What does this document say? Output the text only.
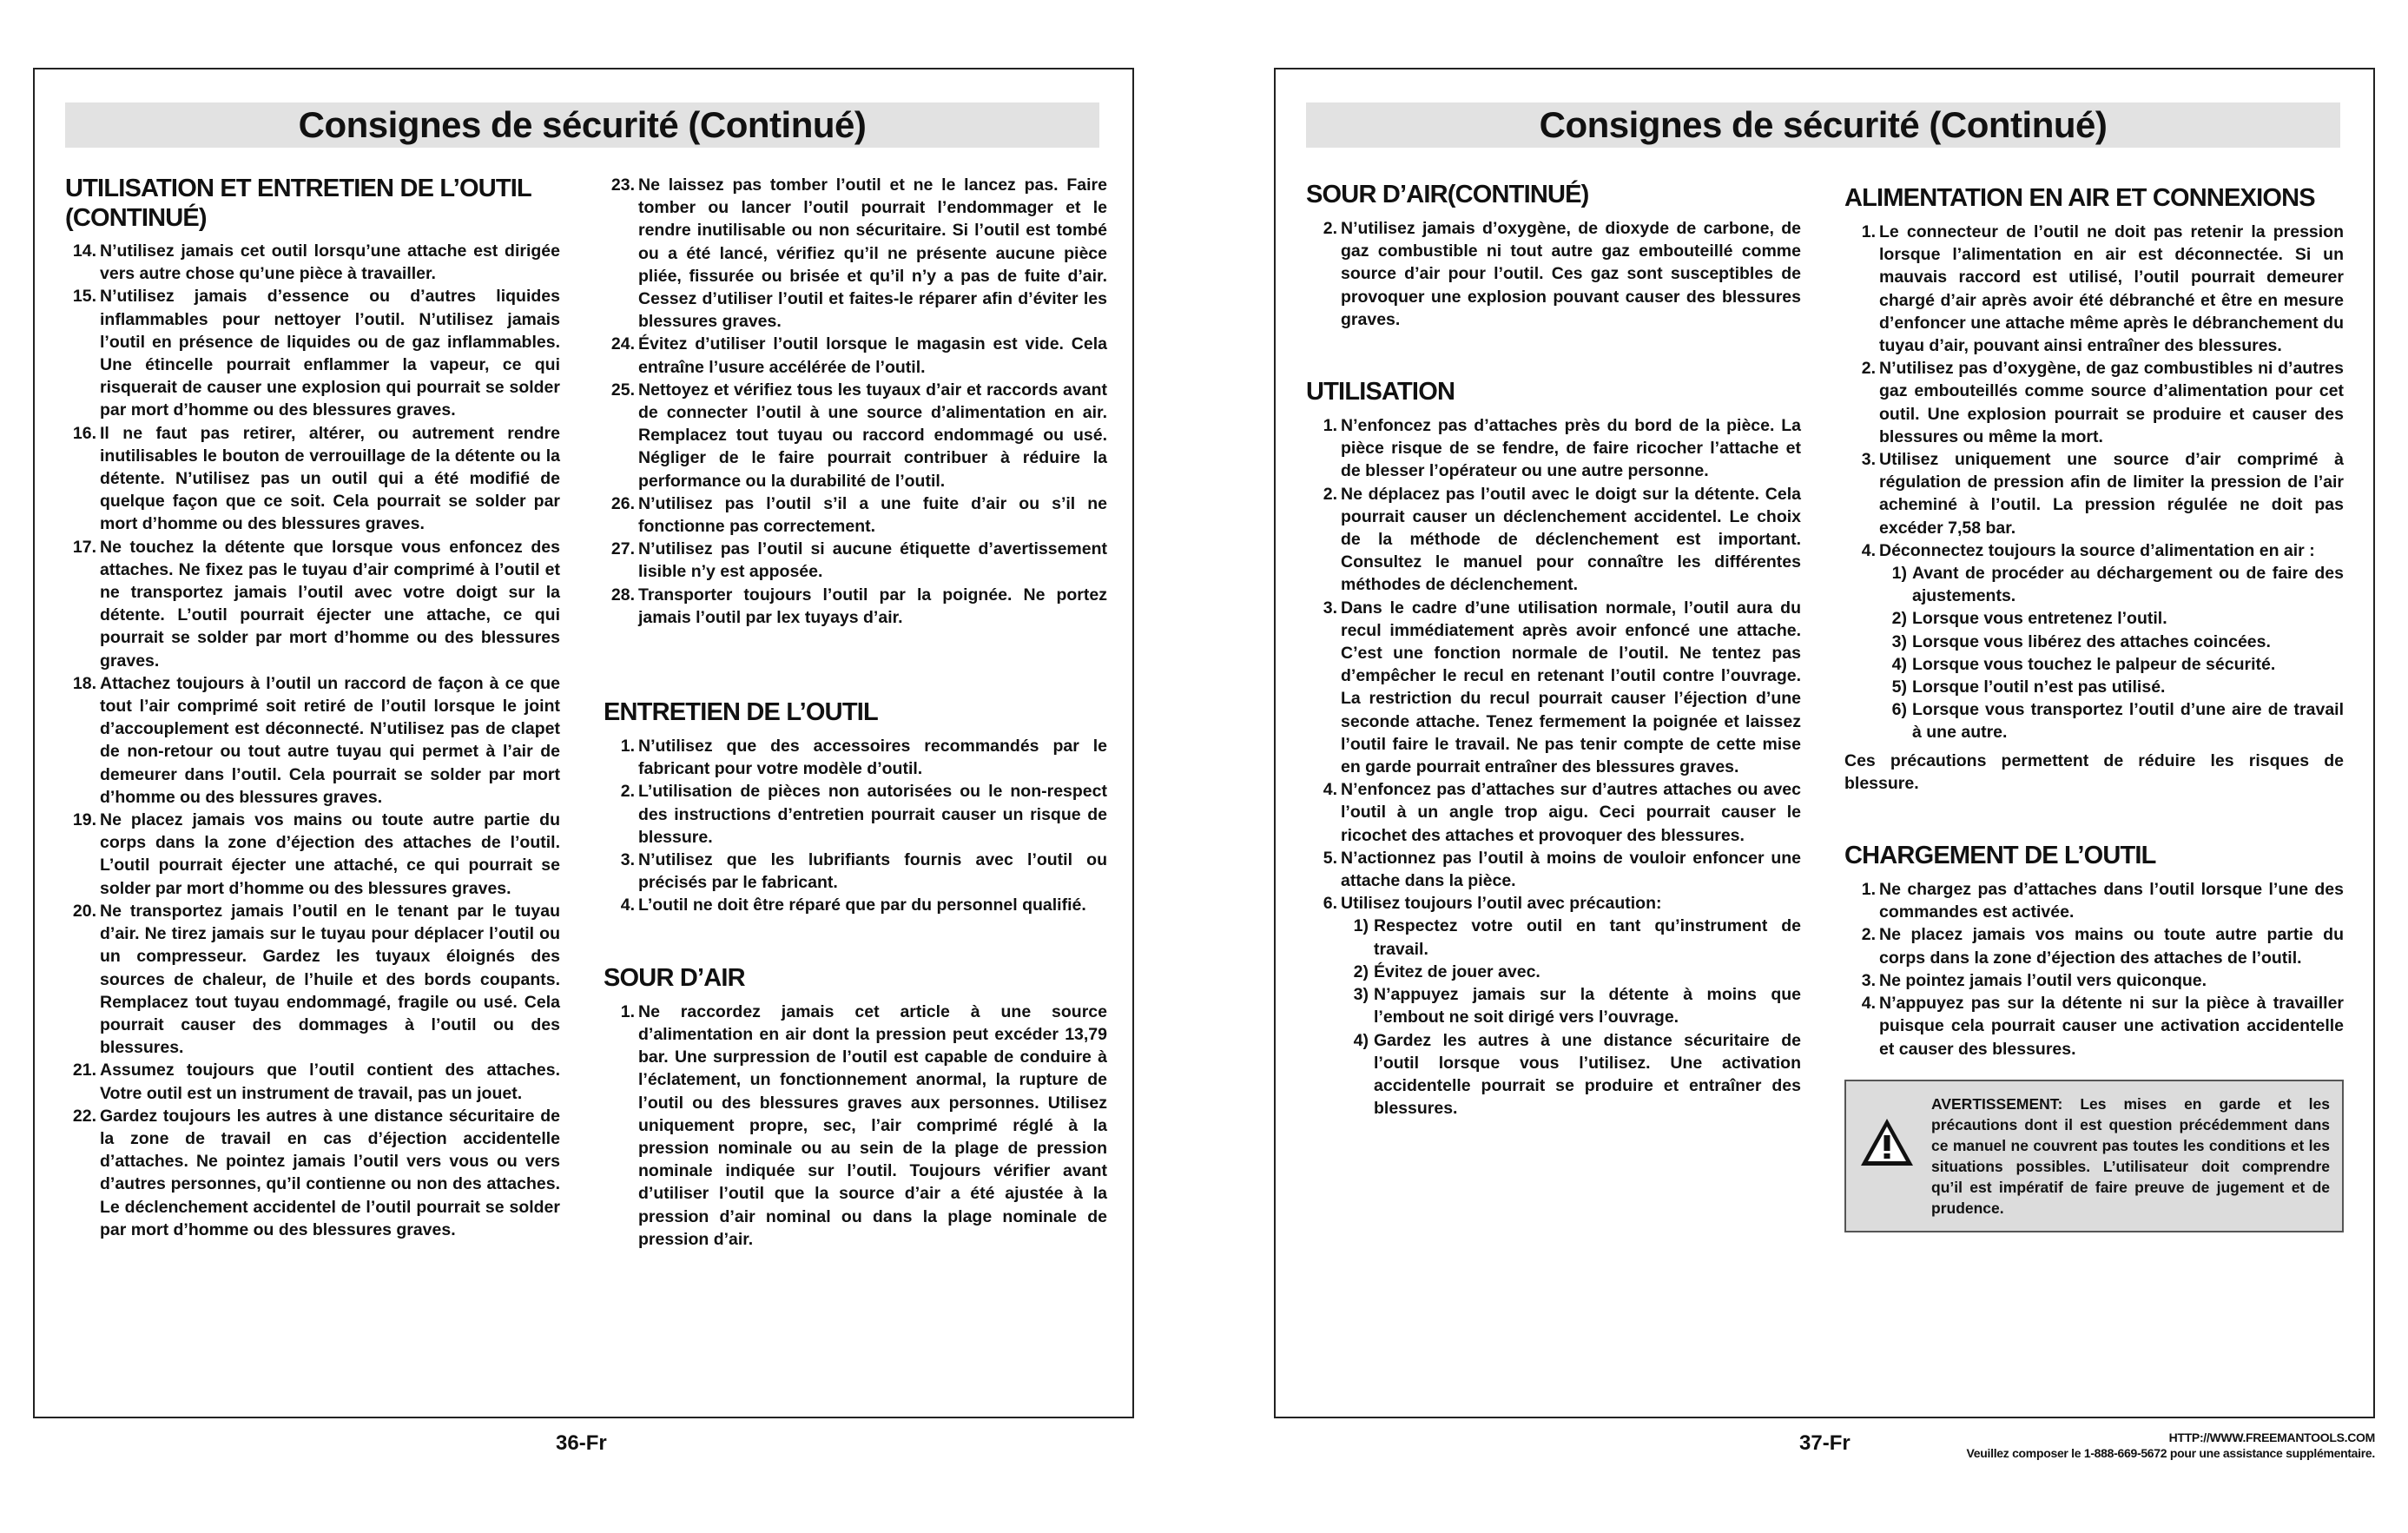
Consignes de sécurité (Continué)
UTILISATION ET ENTRETIEN DE L’OUTIL (CONTINUÉ)
14. N’utilisez jamais cet outil lorsqu’une attache est dirigée vers autre chose qu’une pièce à travailler.
15. N’utilisez jamais d’essence ou d’autres liquides inflammables pour nettoyer l’outil. N’utilisez jamais l’outil en présence de liquides ou de gaz inflammables. Une étincelle pourrait enflammer la vapeur, ce qui risquerait de causer une explosion qui pourrait se solder par mort d’homme ou des blessures graves.
16. Il ne faut pas retirer, altérer, ou autrement rendre inutilisables le bouton de verrouillage de la détente ou la détente. N’utilisez pas un outil qui a été modifié de quelque façon que ce soit. Cela pourrait se solder par mort d’homme ou des blessures graves.
17. Ne touchez la détente que lorsque vous enfoncez des attaches. Ne fixez pas le tuyau d’air comprimé à l’outil et ne transportez jamais l’outil avec votre doigt sur la détente. L’outil pourrait éjecter une attache, ce qui pourrait se solder par mort d’homme ou des blessures graves.
18. Attachez toujours à l’outil un raccord de façon à ce que tout l’air comprimé soit retiré de l’outil lorsque le joint d’accouplement est déconnecté. N’utilisez pas de clapet de non-retour ou tout autre tuyau qui permet à l’air de demeurer dans l’outil. Cela pourrait se solder par mort d’homme ou des blessures graves.
19. Ne placez jamais vos mains ou toute autre partie du corps dans la zone d’éjection des attaches de l’outil. L’outil pourrait éjecter une attaché, ce qui pourrait se solder par mort d’homme ou des blessures graves.
20. Ne transportez jamais l’outil en le tenant par le tuyau d’air. Ne tirez jamais sur le tuyau pour déplacer l’outil ou un compresseur. Gardez les tuyaux éloignés des sources de chaleur, de l’huile et des bords coupants. Remplacez tout tuyau endommagé, fragile ou usé. Cela pourrait causer des dommages à l’outil ou des blessures.
21. Assumez toujours que l’outil contient des attaches. Votre outil est un instrument de travail, pas un jouet.
22. Gardez toujours les autres à une distance sécuritaire de la zone de travail en cas d’éjection accidentelle d’attaches. Ne pointez jamais l’outil vers vous ou vers d’autres personnes, qu’il contienne ou non des attaches. Le déclenchement accidentel de l’outil pourrait se solder par mort d’homme ou des blessures graves.
23. Ne laissez pas tomber l’outil et ne le lancez pas. Faire tomber ou lancer l’outil pourrait l’endommager et le rendre inutilisable ou non sécuritaire. Si l’outil est tombé ou a été lancé, vérifiez qu’il ne présente aucune pièce pliée, fissurée ou brisée et qu’il n’y a pas de fuite d’air. Cessez d’utiliser l’outil et faites-le réparer afin d’éviter les blessures graves.
24. Évitez d’utiliser l’outil lorsque le magasin est vide. Cela entraîne l’usure accélérée de l’outil.
25. Nettoyez et vérifiez tous les tuyaux d’air et raccords avant de connecter l’outil à une source d’alimentation en air. Remplacez tout tuyau ou raccord endommagé ou usé. Négliger de le faire pourrait contribuer à réduire la performance ou la durabilité de l’outil.
26. N’utilisez pas l’outil s’il a une fuite d’air ou s’il ne fonctionne pas correctement.
27. N’utilisez pas l’outil si aucune étiquette d’avertissement lisible n’y est apposée.
28. Transporter toujours l’outil par la poignée. Ne portez jamais l’outil par lex tuyays d’air.
ENTRETIEN DE L’OUTIL
1. N’utilisez que des accessoires recommandés par le fabricant pour votre modèle d’outil.
2. L’utilisation de pièces non autorisées ou le non-respect des instructions d’entretien pourrait causer un risque de blessure.
3. N’utilisez que les lubrifiants fournis avec l’outil ou précisés par le fabricant.
4. L’outil ne doit être réparé que par du personnel qualifié.
SOUR D’AIR
1. Ne raccordez jamais cet article à une source d’alimentation en air dont la pression peut excéder 13,79 bar. Une surpression de l’outil est capable de conduire à l’éclatement, un fonctionnement anormal, la rupture de l’outil ou des blessures graves aux personnes. Utilisez uniquement propre, sec, l’air comprimé réglé à la pression nominale ou au sein de la plage de pression nominale indiquée sur l’outil. Toujours vérifier avant d’utiliser l’outil que la source d’air a été ajustée à la pression d’air nominal ou dans la plage nominale de pression d’air.
36-Fr
Consignes de sécurité (Continué)
SOUR D’AIR(CONTINUÉ)
2. N’utilisez jamais d’oxygène, de dioxyde de carbone, de gaz combustible ni tout autre gaz embouteillé comme source d’air pour l’outil. Ces gaz sont susceptibles de provoquer une explosion pouvant causer des blessures graves.
UTILISATION
1. N’enfoncez pas d’attaches près du bord de la pièce. La pièce risque de se fendre, de faire ricocher l’attache et de blesser l’opérateur ou une autre personne.
2. Ne déplacez pas l’outil avec le doigt sur la détente. Cela pourrait causer un déclenchement accidentel. Le choix de la méthode de déclenchement est important. Consultez le manuel pour connaître les différentes méthodes de déclenchement.
3. Dans le cadre d’une utilisation normale, l’outil aura du recul immédiatement après avoir enfoncé une attache. C’est une fonction normale de l’outil. Ne tentez pas d’empêcher le recul en retenant l’outil contre l’ouvrage. La restriction du recul pourrait causer l’éjection d’une seconde attache. Tenez fermement la poignée et laissez l’outil faire le travail. Ne pas tenir compte de cette mise en garde pourrait entraîner des blessures graves.
4. N’enfoncez pas d’attaches sur d’autres attaches ou avec l’outil à un angle trop aigu. Ceci pourrait causer le ricochet des attaches et provoquer des blessures.
5. N’actionnez pas l’outil à moins de vouloir enfoncer une attache dans la pièce.
6. Utilisez toujours l’outil avec précaution:
1) Respectez votre outil en tant qu’instrument de travail.
2) Évitez de jouer avec.
3) N’appuyez jamais sur la détente à moins que l’embout ne soit dirigé vers l’ouvrage.
4) Gardez les autres à une distance sécuritaire de l’outil lorsque vous l’utilisez. Une activation accidentelle pourrait se produire et entraîner des blessures.
ALIMENTATION EN AIR ET CONNEXIONS
1. Le connecteur de l’outil ne doit pas retenir la pression lorsque l’alimentation en air est déconnectée. Si un mauvais raccord est utilisé, l’outil pourrait demeurer chargé d’air après avoir été débranché et être en mesure d’enfoncer une attache même après le débranchement du tuyau d’air, pouvant ainsi entraîner des blessures.
2. N’utilisez pas d’oxygène, de gaz combustibles ni d’autres gaz embouteillés comme source d’alimentation pour cet outil. Une explosion pourrait se produire et causer des blessures ou même la mort.
3. Utilisez uniquement une source d’air comprimé à régulation de pression afin de limiter la pression de l’air acheminé à l’outil. La pression régulée ne doit pas excéder 7,58 bar.
4. Déconnectez toujours la source d’alimentation en air :
1) Avant de procéder au déchargement ou de faire des ajustements.
2) Lorsque vous entretenez l’outil.
3) Lorsque vous libérez des attaches coincées.
4) Lorsque vous touchez le palpeur de sécurité.
5) Lorsque l’outil n’est pas utilisé.
6) Lorsque vous transportez l’outil d’une aire de travail à une autre.

Ces précautions permettent de réduire les risques de blessure.

CHARGEMENT DE L’OUTIL
1. Ne chargez pas d’attaches dans l’outil lorsque l’une des commandes est activée.
2. Ne placez jamais vos mains ou toute autre partie du corps dans la zone d’éjection des attaches de l’outil.
3. Ne pointez jamais l’outil vers quiconque.
4. N’appuyez pas sur la détente ni sur la pièce à travailler puisque cela pourrait causer une activation accidentelle et causer des blessures.
AVERTISSEMENT: Les mises en garde et les précautions dont il est question précédemment dans ce manuel ne couvrent pas toutes les conditions et les situations possibles. L’utilisateur doit comprendre qu’il est impératif de faire preuve de jugement et de prudence.
37-Fr	HTTP://WWW.FREEMANTOOLS.COM
Veuillez composer le 1-888-669-5672 pour une assistance supplémentaire.
